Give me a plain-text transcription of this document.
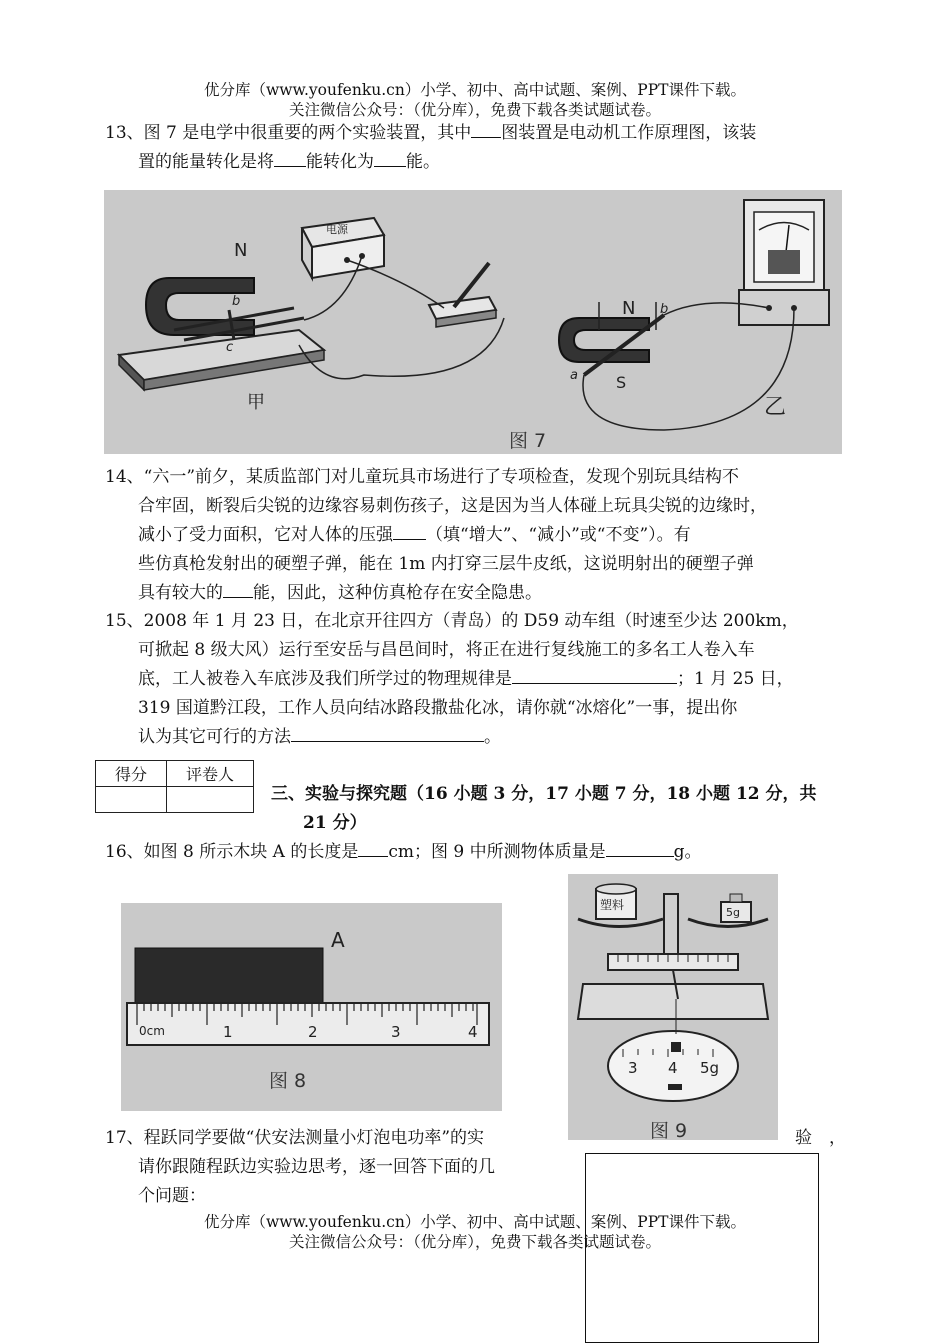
优分库（www.youfenku.cn）小学、初中、高中试题、案例、PPT课件下载。
关注微信公众号：（优分库），免费下载各类试题试卷。
13、图 7 是电学中很重要的两个实验装置，其中 图装置是电动机工作原理图，该装
置的能量转化是将 能转化为 能。
N
甲
b
c
电源
N
S
a
b
乙
图 7
14、“六一”前夕，某质监部门对儿童玩具市场进行了专项检查，发现个别玩具结构不
合牢固，断裂后尖锐的边缘容易刺伤孩子，这是因为当人体碰上玩具尖锐的边缘时，
减小了受力面积，它对人体的压强 （填“增大”、“减小”或“不变”）。有
些仿真枪发射出的硬塑子弹，能在 1m 内打穿三层牛皮纸，这说明射出的硬塑子弹
具有较大的 能，因此，这种仿真枪存在安全隐患。
15、2008 年 1 月 23 日，在北京开往四方（青岛）的 D59 动车组（时速至少达 200km，
可掀起 8 级大风）运行至安岳与昌邑间时，将正在进行复线施工的多名工人卷入车
底，工人被卷入车底涉及我们所学过的物理规律是	；1 月 25 日，
319 国道黔江段，工作人员向结冰路段撒盐化冰，请你就“冰熔化”一事，提出你
认为其它可行的方法	。
得分	评卷人

三、实验与探究题（16 小题 3 分，17 小题 7 分，18 小题 12 分，共
21 分）
16、如图 8 所示木块 A 的长度是 cm；图 9 中所测物体质量是	g。
A
0cm	1	2	3	4
图 8
塑料
5g
3 4 5g
图 9
17、程跃同学要做“伏安法测量小灯泡电功率”的实
请你跟随程跃边实验边思考，逐一回答下面的几
个问题：
验　，
优分库（www.youfenku.cn）小学、初中、高中试题、案例、PPT课件下载。
关注微信公众号：（优分库），免费下载各类试题试卷。
